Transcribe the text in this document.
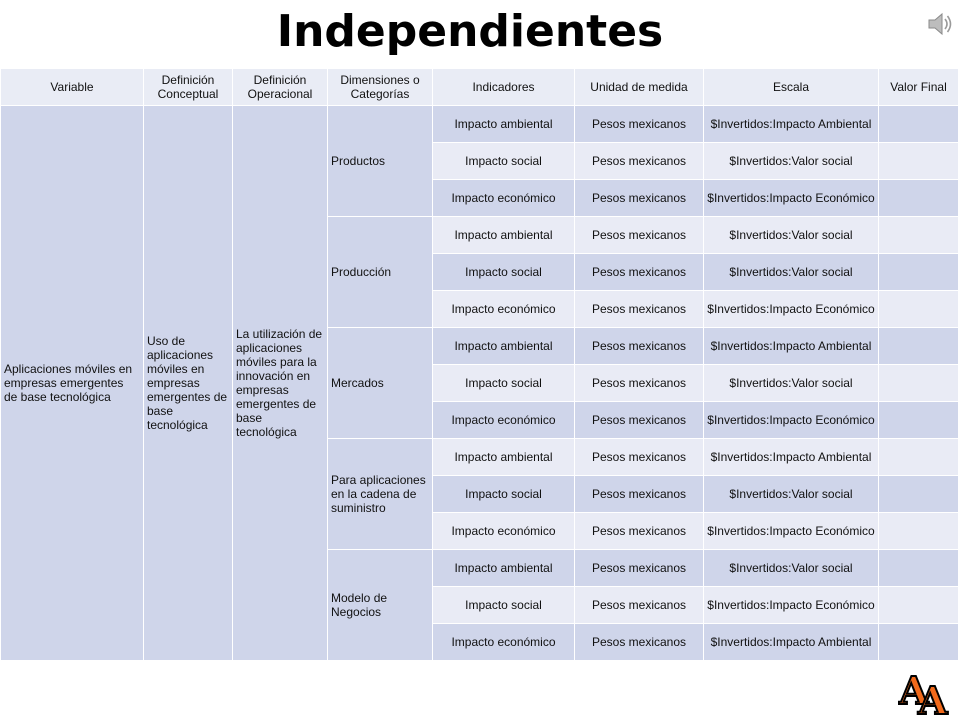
Independientes
Variable	Definición Conceptual	Definición Operacional	Dimensiones o Categorías	Indicadores	Unidad de medida	Escala	Valor Final
Aplicaciones móviles en empresas emergentes de base tecnológica	Uso de aplicaciones móviles en empresas emergentes de base tecnológica	La utilización de aplicaciones móviles para la innovación en empresas emergentes de base tecnológica	Productos	Impacto ambiental	Pesos mexicanos	$Invertidos:Impacto Ambiental	
				Impacto social	Pesos mexicanos	$Invertidos:Valor social	
				Impacto económico	Pesos mexicanos	$Invertidos:Impacto Económico	
			Producción	Impacto ambiental	Pesos mexicanos	$Invertidos:Valor social	
				Impacto social	Pesos mexicanos	$Invertidos:Valor social	
				Impacto económico	Pesos mexicanos	$Invertidos:Impacto Económico	
			Mercados	Impacto ambiental	Pesos mexicanos	$Invertidos:Impacto Ambiental	
				Impacto social	Pesos mexicanos	$Invertidos:Valor social	
				Impacto económico	Pesos mexicanos	$Invertidos:Impacto Económico	
			Para aplicaciones en la cadena de suministro	Impacto ambiental	Pesos mexicanos	$Invertidos:Impacto Ambiental	
				Impacto social	Pesos mexicanos	$Invertidos:Valor social	
				Impacto económico	Pesos mexicanos	$Invertidos:Impacto Económico	
			Modelo de Negocios	Impacto ambiental	Pesos mexicanos	$Invertidos:Valor social	
				Impacto social	Pesos mexicanos	$Invertidos:Impacto Económico	
				Impacto económico	Pesos mexicanos	$Invertidos:Impacto Ambiental	
A
A
